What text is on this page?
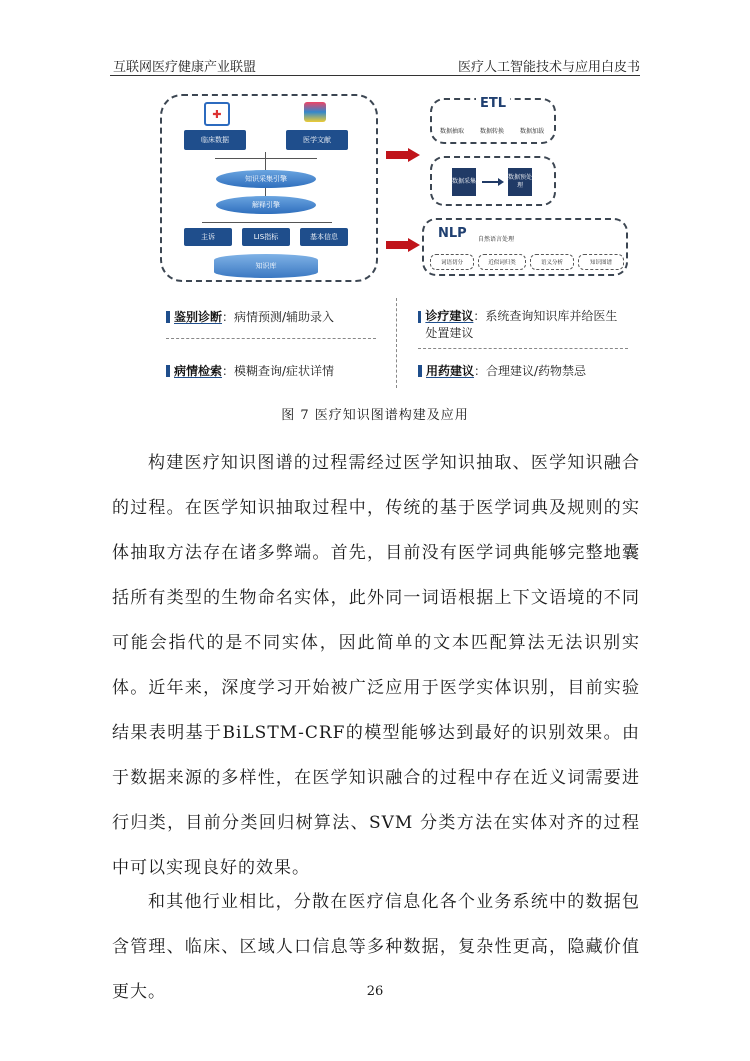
互联网医疗健康产业联盟	医疗人工智能技术与应用白皮书
✚
临床数据	医学文献
知识采集引擎
解释引擎
主诉	LIS指标	基本信息
知识库
ETL
数据抽取	数据转换	数据加载
数据采集
数据预处理
NLP	自然语言处理
词语切分	近似词归类	语义分析	知识图谱
鉴别诊断 ：病情预测/辅助录入	诊疗建议：系统查询知识库并给医生处置建议
病情检索 ：模糊查询/症状详情	用药建议 ：合理建议/药物禁忌
图 7 医疗知识图谱构建及应用
构建医疗知识图谱的过程需经过医学知识抽取、医学知识融合的过程。在医学知识抽取过程中，传统的基于医学词典及规则的实体抽取方法存在诸多弊端。首先，目前没有医学词典能够完整地囊括所有类型的生物命名实体，此外同一词语根据上下文语境的不同可能会指代的是不同实体，因此简单的文本匹配算法无法识别实体。近年来，深度学习开始被广泛应用于医学实体识别，目前实验结果表明基于BiLSTM-CRF的模型能够达到最好的识别效果。由于数据来源的多样性，在医学知识融合的过程中存在近义词需要进行归类，目前分类回归树算法、SVM 分类方法在实体对齐的过程中可以实现良好的效果。
和其他行业相比，分散在医疗信息化各个业务系统中的数据包含管理、临床、区域人口信息等多种数据，复杂性更高，隐藏价值更大。	26
